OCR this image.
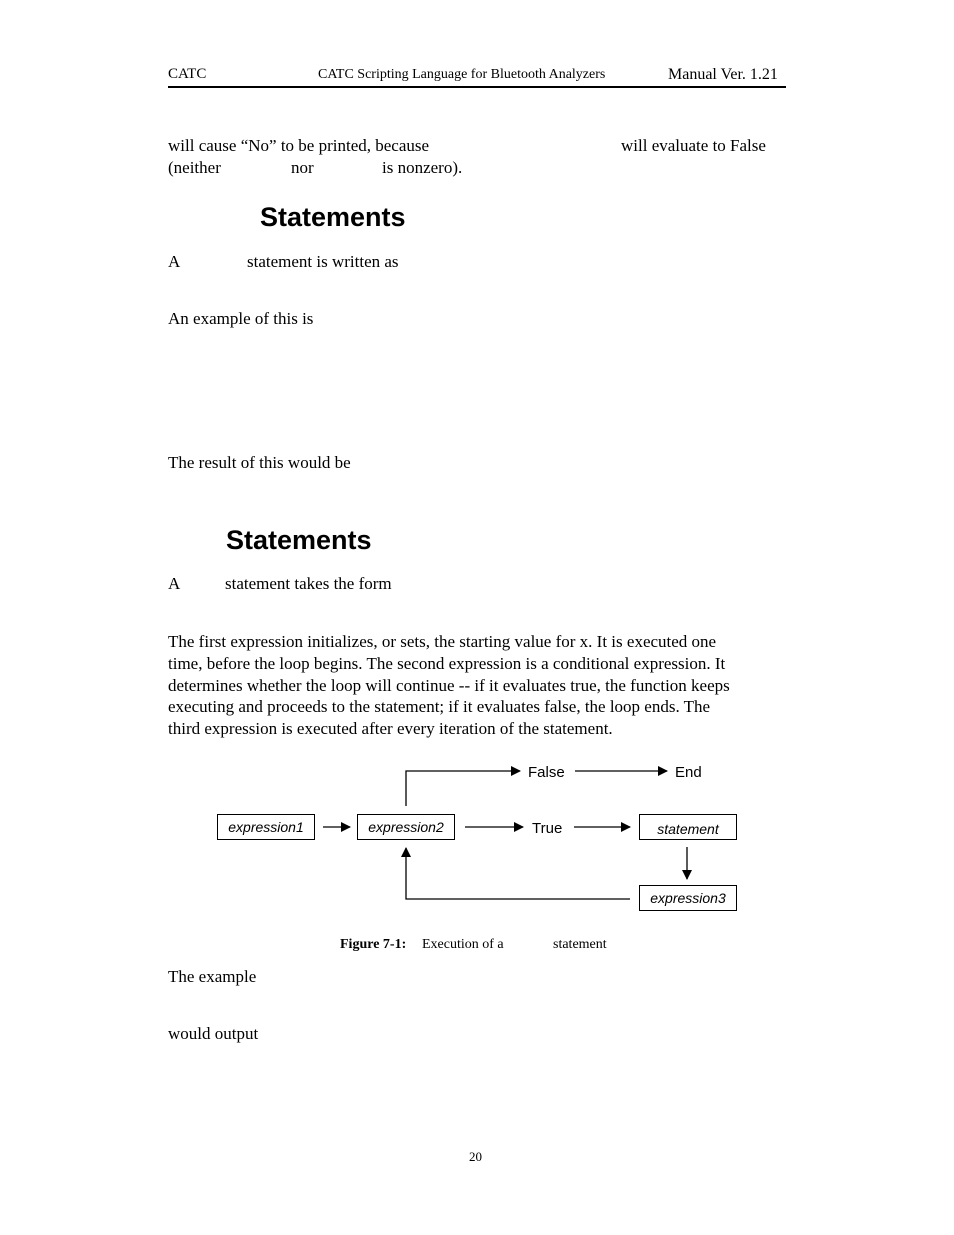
CATC	CATC Scripting Language for Bluetooth Analyzers	Manual Ver. 1.21
will cause “No” to be printed, because	will evaluate to False
(neither	nor	is nonzero).
Statements
A	statement is written as
An example of this is
The result of this would be
Statements
A	statement takes the form
The first expression initializes, or sets, the starting value for x. It is executed one
time, before the loop begins. The second expression is a conditional expression. It
determines whether the loop will continue -- if it evaluates true, the function keeps
executing and proceeds to the statement; if it evaluates false, the loop ends. The
third expression is executed after every iteration of the statement.
expression1	expression2	statement
expression3
True
False	End
Figure 7-1: Execution of a	statement
The example
would output
20
